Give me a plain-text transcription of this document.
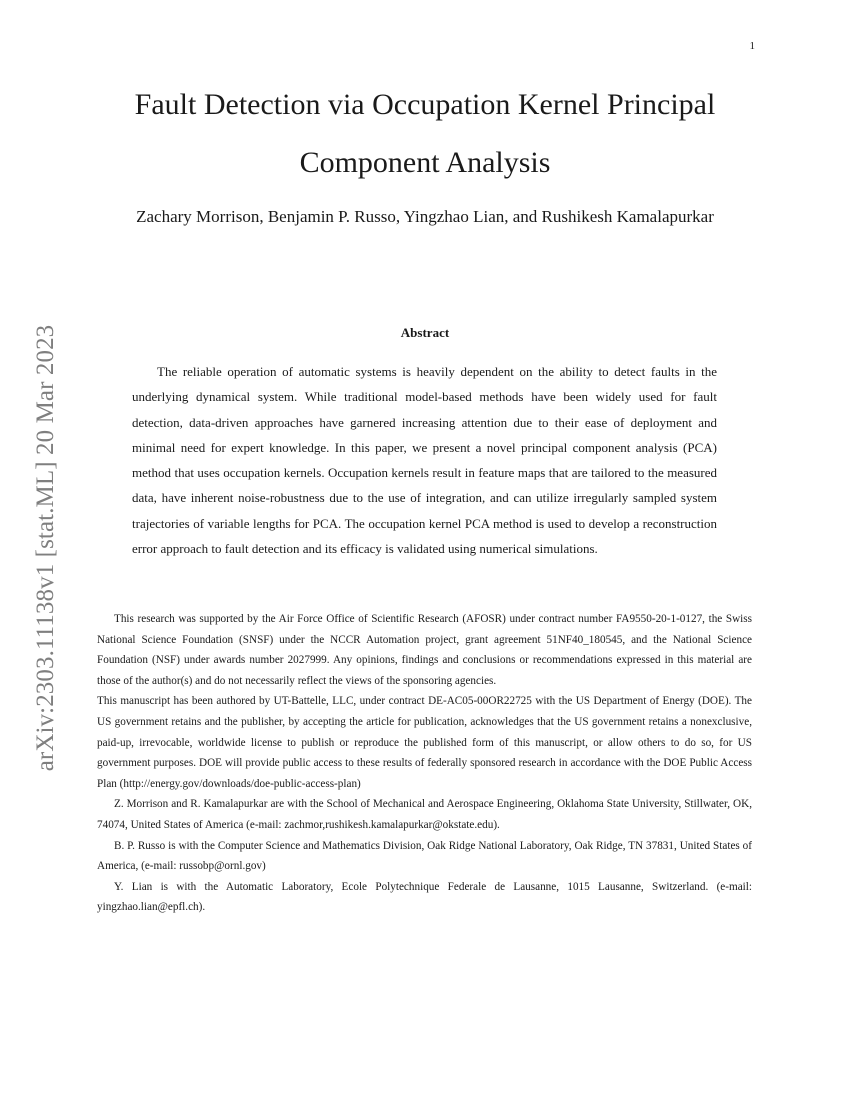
1
arXiv:2303.11138v1 [stat.ML] 20 Mar 2023
Fault Detection via Occupation Kernel Principal Component Analysis
Zachary Morrison, Benjamin P. Russo, Yingzhao Lian, and Rushikesh Kamalapurkar
Abstract

The reliable operation of automatic systems is heavily dependent on the ability to detect faults in the underlying dynamical system. While traditional model-based methods have been widely used for fault detection, data-driven approaches have garnered increasing attention due to their ease of deployment and minimal need for expert knowledge. In this paper, we present a novel principal component analysis (PCA) method that uses occupation kernels. Occupation kernels result in feature maps that are tailored to the measured data, have inherent noise-robustness due to the use of integration, and can utilize irregularly sampled system trajectories of variable lengths for PCA. The occupation kernel PCA method is used to develop a reconstruction error approach to fault detection and its efficacy is validated using numerical simulations.

This research was supported by the Air Force Office of Scientific Research (AFOSR) under contract number FA9550-20-1-0127, the Swiss National Science Foundation (SNSF) under the NCCR Automation project, grant agreement 51NF40_180545, and the National Science Foundation (NSF) under awards number 2027999. Any opinions, findings and conclusions or recommendations expressed in this material are those of the author(s) and do not necessarily reflect the views of the sponsoring agencies.

This manuscript has been authored by UT-Battelle, LLC, under contract DE-AC05-00OR22725 with the US Department of Energy (DOE). The US government retains and the publisher, by accepting the article for publication, acknowledges that the US government retains a nonexclusive, paid-up, irrevocable, worldwide license to publish or reproduce the published form of this manuscript, or allow others to do so, for US government purposes. DOE will provide public access to these results of federally sponsored research in accordance with the DOE Public Access Plan (http://energy.gov/downloads/doe-public-access-plan)

Z. Morrison and R. Kamalapurkar are with the School of Mechanical and Aerospace Engineering, Oklahoma State University, Stillwater, OK, 74074, United States of America (e-mail: zachmor,rushikesh.kamalapurkar@okstate.edu).

B. P. Russo is with the Computer Science and Mathematics Division, Oak Ridge National Laboratory, Oak Ridge, TN 37831, United States of America, (e-mail: russobp@ornl.gov)

Y. Lian is with the Automatic Laboratory, Ecole Polytechnique Federale de Lausanne, 1015 Lausanne, Switzerland. (e-mail: yingzhao.lian@epfl.ch).
